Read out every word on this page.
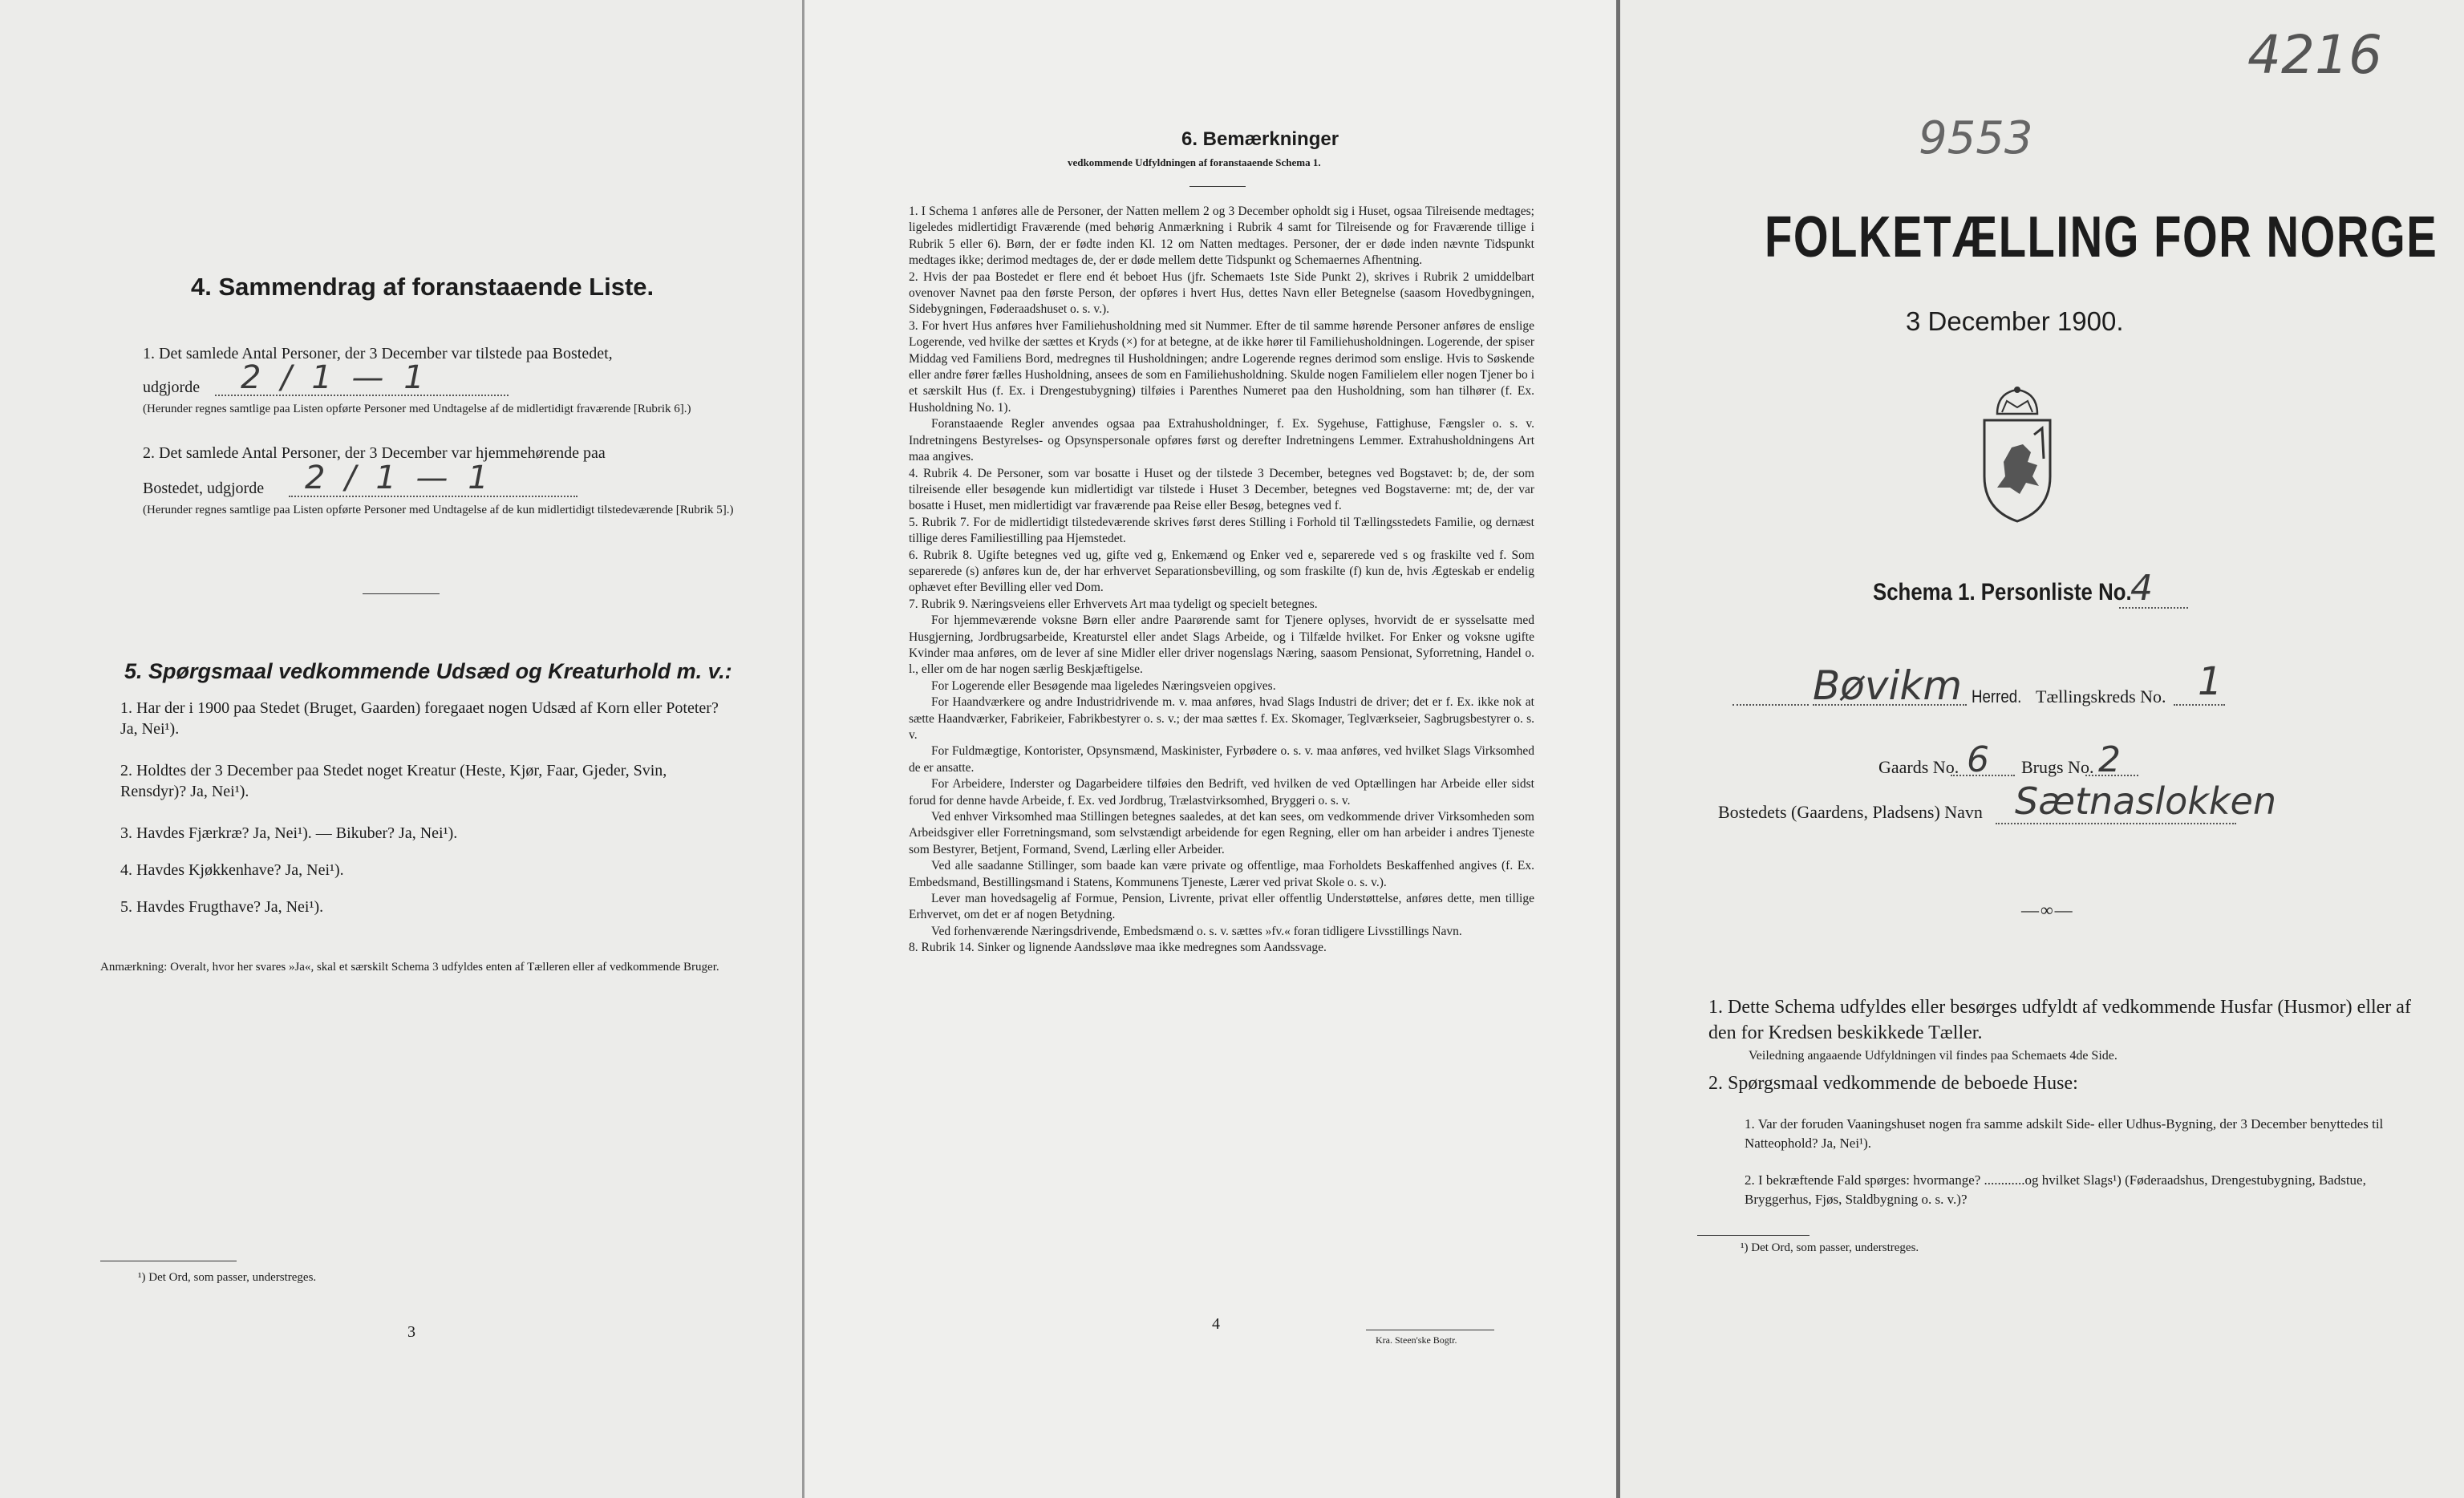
4. Sammendrag af foranstaaende Liste.
1. Det samlede Antal Personer, der 3 December var tilstede paa Bostedet,
udgjorde 2 / 1 — 1
(Herunder regnes samtlige paa Listen opførte Personer med Undtagelse af de midlertidigt fraværende [Rubrik 6].)
2. Det samlede Antal Personer, der 3 December var hjemmehørende paa
Bostedet, udgjorde 2 / 1 — 1
(Herunder regnes samtlige paa Listen opførte Personer med Undtagelse af de kun midlertidigt tilstedeværende [Rubrik 5].)
5. Spørgsmaal vedkommende Udsæd og Kreaturhold m. v.:
1. Har der i 1900 paa Stedet (Bruget, Gaarden) foregaaet nogen Udsæd af Korn eller Poteter? Ja, Nei¹).
2. Holdtes der 3 December paa Stedet noget Kreatur (Heste, Kjør, Faar, Gjeder, Svin, Rensdyr)? Ja, Nei¹).
3. Havdes Fjærkræ? Ja, Nei¹). — Bikuber? Ja, Nei¹).
4. Havdes Kjøkkenhave? Ja, Nei¹).
5. Havdes Frugthave? Ja, Nei¹).
Anmærkning: Overalt, hvor her svares »Ja«, skal et særskilt Schema 3 udfyldes enten af Tælleren eller af vedkommende Bruger.
¹) Det Ord, som passer, understreges.
3
6. Bemærkninger
vedkommende Udfyldningen af foranstaaende Schema 1.

1. I Schema 1 anføres alle de Personer, der Natten mellem 2 og 3 December opholdt sig i Huset, ogsaa Tilreisende medtages; ligeledes midlertidigt Fraværende (med behørig Anmærkning i Rubrik 4 samt for Tilreisende og for Fraværende tillige i Rubrik 5 eller 6). Børn, der er fødte inden Kl. 12 om Natten medtages. Personer, der er døde inden nævnte Tidspunkt medtages ikke; derimod medtages de, der er døde mellem dette Tidspunkt og Schemaernes Afhentning.

2. Hvis der paa Bostedet er flere end ét beboet Hus (jfr. Schemaets 1ste Side Punkt 2), skrives i Rubrik 2 umiddelbart ovenover Navnet paa den første Person, der opføres i hvert Hus, dettes Navn eller Betegnelse (saasom Hovedbygningen, Sidebygningen, Føderaadshuset o. s. v.).

3. For hvert Hus anføres hver Familiehusholdning med sit Nummer. Efter de til samme hørende Personer anføres de enslige Logerende, ved hvilke der sættes et Kryds (×) for at betegne, at de ikke hører til Familiehusholdningen. Logerende, der spiser Middag ved Familiens Bord, medregnes til Husholdningen; andre Logerende regnes derimod som enslige. Hvis to Søskende eller andre fører fælles Husholdning, ansees de som en Familiehusholdning. Skulde nogen Familielem eller nogen Tjener bo i et særskilt Hus (f. Ex. i Drengestubygning) tilføies i Parenthes Numeret paa den Husholdning, som han tilhører (f. Ex. Husholdning No. 1).

Foranstaaende Regler anvendes ogsaa paa Extrahusholdninger, f. Ex. Sygehuse, Fattighuse, Fængsler o. s. v. Indretningens Bestyrelses- og Opsynspersonale opføres først og derefter Indretningens Lemmer. Extrahusholdningens Art maa angives.

4. Rubrik 4. De Personer, som var bosatte i Huset og der tilstede 3 December, betegnes ved Bogstavet: b; de, der som tilreisende eller besøgende kun midlertidigt var tilstede i Huset 3 December, betegnes ved Bogstaverne: mt; de, der var bosatte i Huset, men midlertidigt var fraværende paa Reise eller Besøg, betegnes ved f.

5. Rubrik 7. For de midlertidigt tilstedeværende skrives først deres Stilling i Forhold til Tællingsstedets Familie, og dernæst tillige deres Familiestilling paa Hjemstedet.

6. Rubrik 8. Ugifte betegnes ved ug, gifte ved g, Enkemænd og Enker ved e, separerede ved s og fraskilte ved f. Som separerede (s) anføres kun de, der har erhvervet Separationsbevilling, og som fraskilte (f) kun de, hvis Ægteskab er endelig ophævet efter Bevilling eller ved Dom.

7. Rubrik 9. Næringsveiens eller Erhvervets Art maa tydeligt og specielt betegnes.

For hjemmeværende voksne Børn eller andre Paarørende samt for Tjenere oplyses, hvorvidt de er sysselsatte med Husgjerning, Jordbrugsarbeide, Kreaturstel eller andet Slags Arbeide, og i Tilfælde hvilket. For Enker og voksne ugifte Kvinder maa anføres, om de lever af sine Midler eller driver nogenslags Næring, saasom Pensionat, Syforretning, Handel o. l., eller om de har nogen særlig Beskjæftigelse.

For Logerende eller Besøgende maa ligeledes Næringsveien opgives.

For Haandværkere og andre Industridrivende m. v. maa anføres, hvad Slags Industri de driver; det er f. Ex. ikke nok at sætte Haandværker, Fabrikeier, Fabrikbestyrer o. s. v.; der maa sættes f. Ex. Skomager, Teglværkseier, Sagbrugsbestyrer o. s. v.

For Fuldmægtige, Kontorister, Opsynsmænd, Maskinister, Fyrbødere o. s. v. maa anføres, ved hvilket Slags Virksomhed de er ansatte.

For Arbeidere, Inderster og Dagarbeidere tilføies den Bedrift, ved hvilken de ved Optællingen har Arbeide eller sidst forud for denne havde Arbeide, f. Ex. ved Jordbrug, Trælastvirksomhed, Bryggeri o. s. v.

Ved enhver Virksomhed maa Stillingen betegnes saaledes, at det kan sees, om vedkommende driver Virksomheden som Arbeidsgiver eller Forretningsmand, som selvstændigt arbeidende for egen Regning, eller om han arbeider i andres Tjeneste som Bestyrer, Betjent, Formand, Svend, Lærling eller Arbeider.

Ved alle saadanne Stillinger, som baade kan være private og offentlige, maa Forholdets Beskaffenhed angives (f. Ex. Embedsmand, Bestillingsmand i Statens, Kommunens Tjeneste, Lærer ved privat Skole o. s. v.).

Lever man hovedsagelig af Formue, Pension, Livrente, privat eller offentlig Understøttelse, anføres dette, men tillige Erhvervet, om det er af nogen Betydning.

Ved forhenværende Næringsdrivende, Embedsmænd o. s. v. sættes »fv.« foran tidligere Livsstillings Navn.

8. Rubrik 14. Sinker og lignende Aandssløve maa ikke medregnes som Aandssvage.

4
Kra. Steen'ske Bogtr.
4216
9553
FOLKETÆLLING FOR NORGE
3 December 1900.
Schema 1. Personliste No.
4
Bøvikm Herred. Tællingskreds No. 1
Gaards No. 6 Brugs No. 2
Bostedets (Gaardens, Pladsens) Navn Sætnaslokken
—∞—
1. Dette Schema udfyldes eller besørges udfyldt af vedkommende Husfar (Husmor) eller af den for Kredsen beskikkede Tæller.
Veiledning angaaende Udfyldningen vil findes paa Schemaets 4de Side.
2. Spørgsmaal vedkommende de beboede Huse:
1. Var der foruden Vaaningshuset nogen fra samme adskilt Side- eller Udhus-Bygning, der 3 December benyttedes til Natteophold? Ja, Nei¹).
2. I bekræftende Fald spørges: hvormange? ............og hvilket Slags¹) (Føderaadshus, Drengestubygning, Badstue, Bryggerhus, Fjøs, Staldbygning o. s. v.)?
¹) Det Ord, som passer, understreges.
